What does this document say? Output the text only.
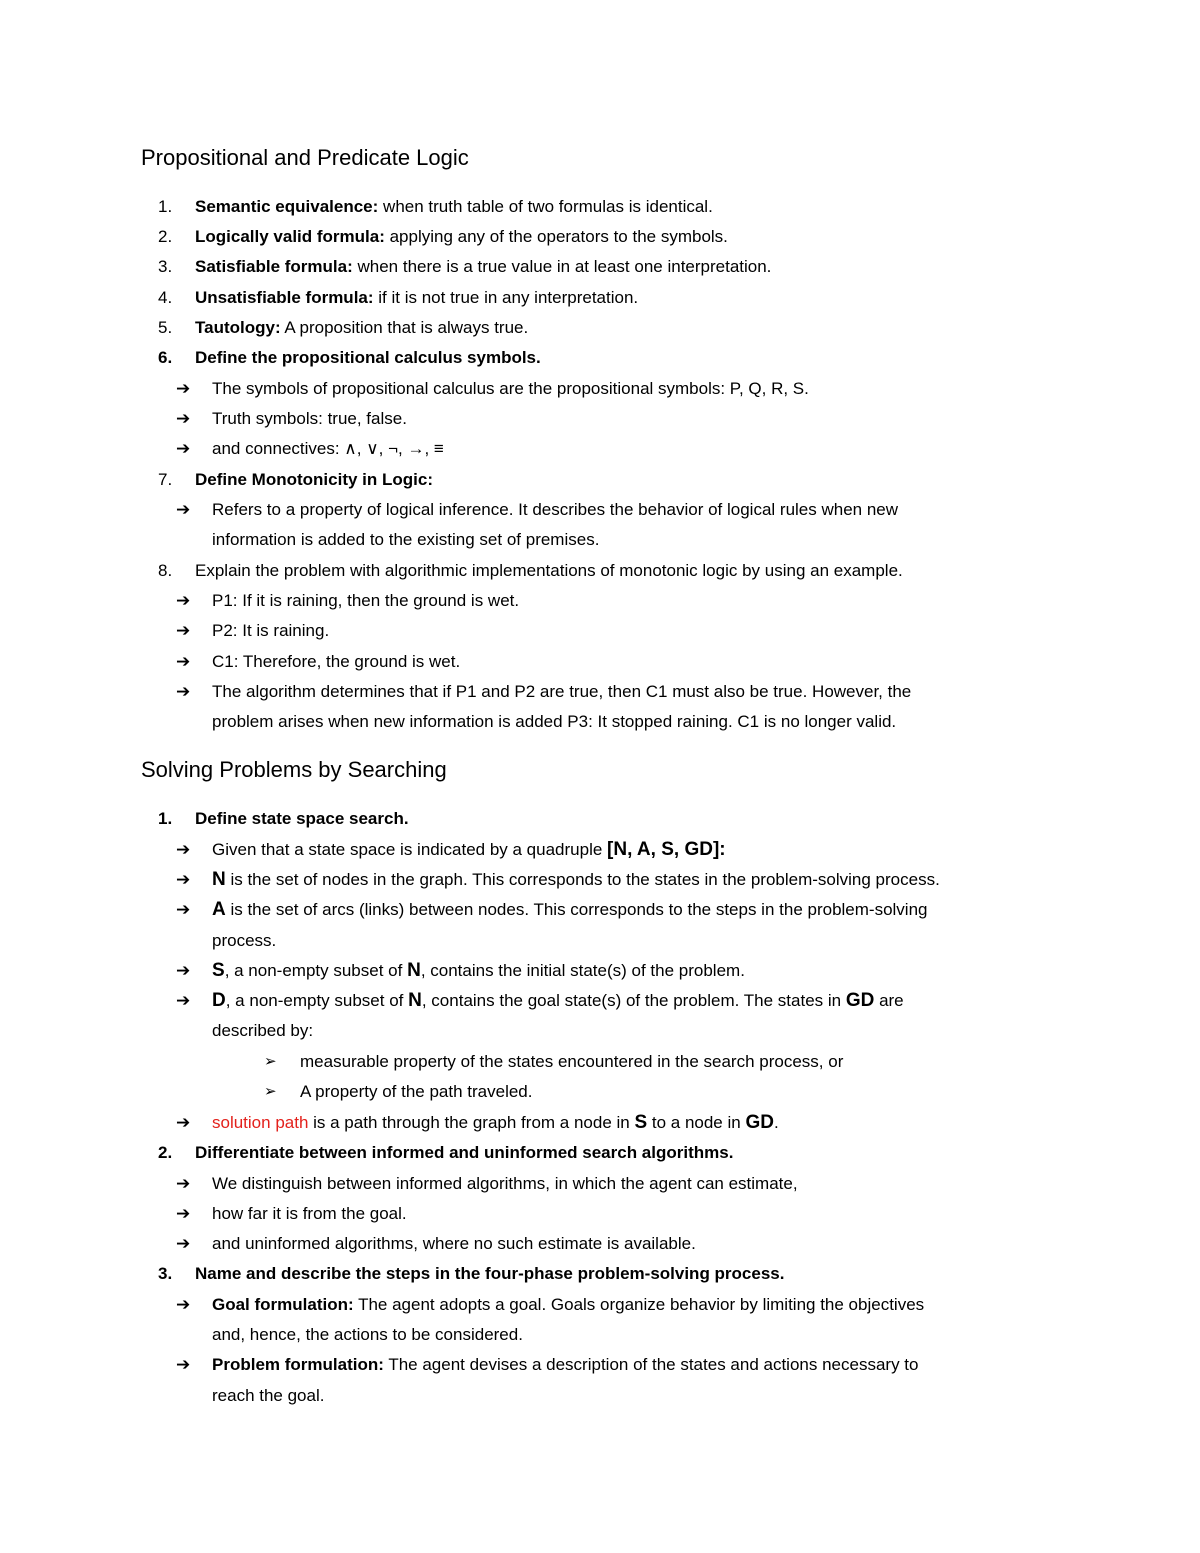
Propositional and Predicate Logic
1. Semantic equivalence: when truth table of two formulas is identical.
2. Logically valid formula: applying any of the operators to the symbols.
3. Satisfiable formula: when there is a true value in at least one interpretation.
4. Unsatisfiable formula: if it is not true in any interpretation.
5. Tautology: A proposition that is always true.
6. Define the propositional calculus symbols.
➔ The symbols of propositional calculus are the propositional symbols: P, Q, R, S.
➔ Truth symbols: true, false.
➔ and connectives: ∧, ∨, ¬, →, ≡
7. Define Monotonicity in Logic:
➔ Refers to a property of logical inference. It describes the behavior of logical rules when new
information is added to the existing set of premises.
8. Explain the problem with algorithmic implementations of monotonic logic by using an example.
➔ P1: If it is raining, then the ground is wet.
➔ P2: It is raining.
➔ C1: Therefore, the ground is wet.
➔ The algorithm determines that if P1 and P2 are true, then C1 must also be true. However, the
problem arises when new information is added P3: It stopped raining. C1 is no longer valid.
Solving Problems by Searching
1. Define state space search.
➔ Given that a state space is indicated by a quadruple [N, A, S, GD]:
➔ N is the set of nodes in the graph. This corresponds to the states in the problem-solving process.
➔ A is the set of arcs (links) between nodes. This corresponds to the steps in the problem-solving
process.
➔ S, a non-empty subset of N, contains the initial state(s) of the problem.
➔ D, a non-empty subset of N, contains the goal state(s) of the problem. The states in GD are
described by:
➢ measurable property of the states encountered in the search process, or
➢ A property of the path traveled.
➔ solution path is a path through the graph from a node in S to a node in GD.
2. Differentiate between informed and uninformed search algorithms.
➔ We distinguish between informed algorithms, in which the agent can estimate,
➔ how far it is from the goal.
➔ and uninformed algorithms, where no such estimate is available.
3. Name and describe the steps in the four-phase problem-solving process.
➔ Goal formulation: The agent adopts a goal. Goals organize behavior by limiting the objectives
and, hence, the actions to be considered.
➔ Problem formulation: The agent devises a description of the states and actions necessary to
reach the goal.
